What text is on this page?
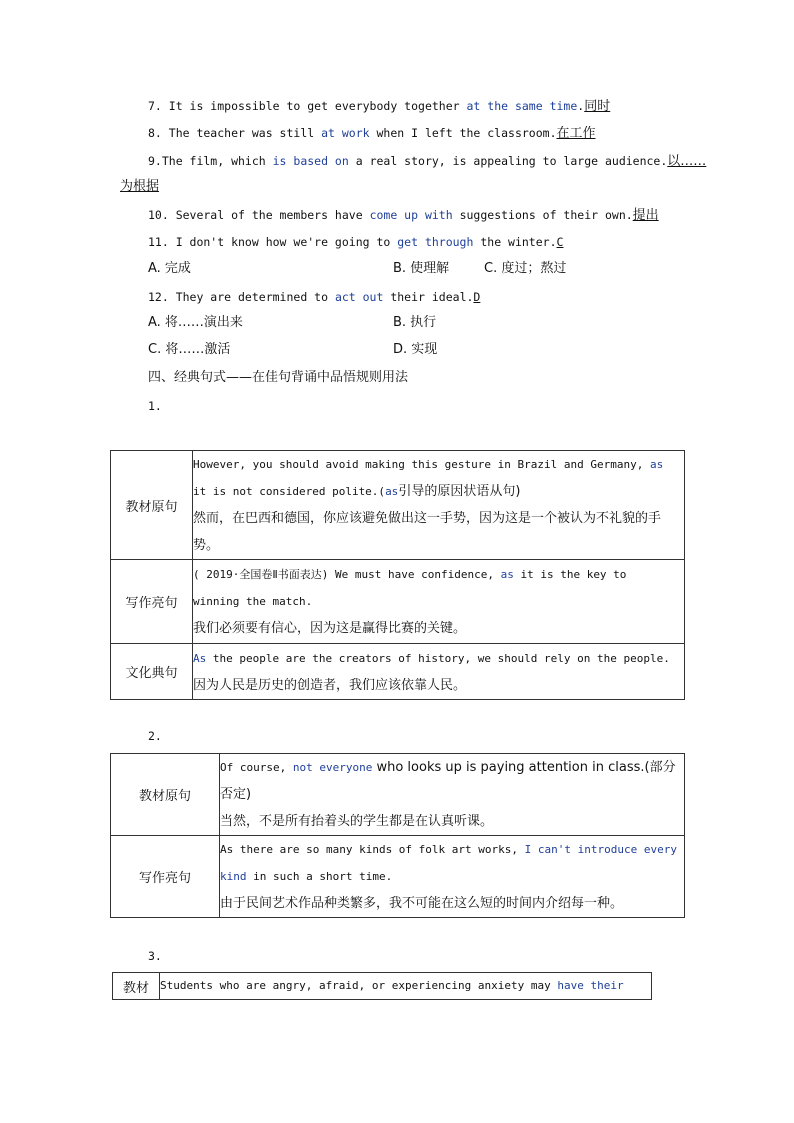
7. It is impossible to get everybody together at the same time.同时
8. The teacher was still at work when I left the classroom.在工作
9.The film, which is based on a real story, is appealing to large audience.以……
为根据
10. Several of the members have come up with suggestions of their own.提出
11. I don't know how we're going to get through the winter.C
A. 完成	B. 使理解	C. 度过；熬过
12. They are determined to act out their ideal.D
A. 将……演出来	B. 执行
C. 将……激活	D. 实现
四、经典句式——在佳句背诵中品悟规则用法
1.
教材原句	However, you should avoid making this gesture in Brazil and Germany, as
it is not considered polite.(as引导的原因状语从句)
然而，在巴西和德国，你应该避免做出这一手势，因为这是一个被认为不礼貌的手势。

写作亮句	( 2019·全国卷Ⅱ书面表达) We must have confidence, as it is the key to
winning the match.
我们必须要有信心，因为这是赢得比赛的关键。

文化典句	As the people are the creators of history, we should rely on the people.
因为人民是历史的创造者，我们应该依靠人民。
2.
教材原句	Of course, not everyone who looks up is paying attention in class.(部分否定)
当然，不是所有抬着头的学生都是在认真听课。

写作亮句	As there are so many kinds of folk art works, I can't introduce every
kind in such a short time.
由于民间艺术作品种类繁多，我不可能在这么短的时间内介绍每一种。
3.
教材	Students who are angry, afraid, or experiencing anxiety may have their
